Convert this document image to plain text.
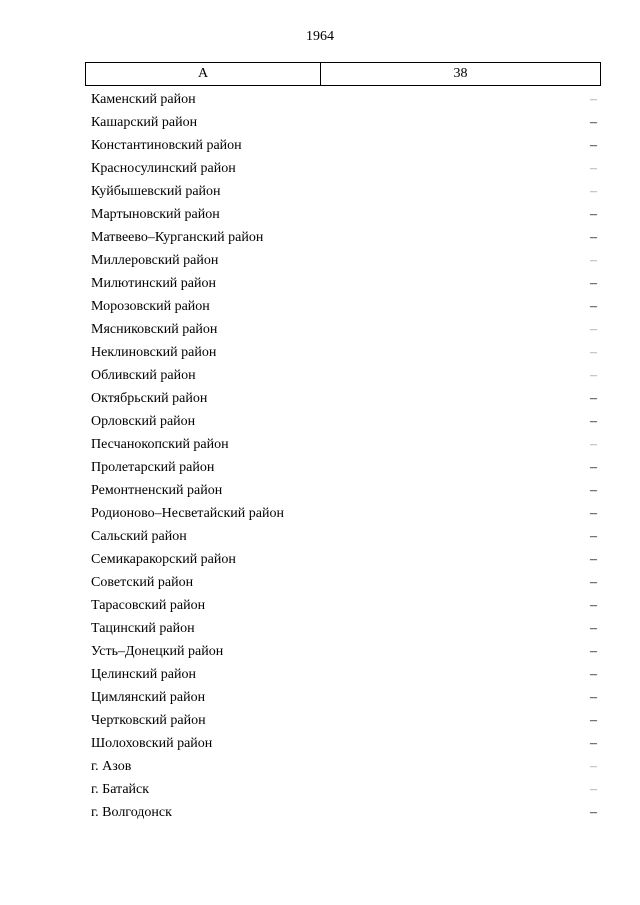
1964
А	38
Каменский район	–
Кашарский район	–
Константиновский район	–
Красносулинский район	–
Куйбышевский район	–
Мартыновский район	–
Матвеево–Курганский район	–
Миллеровский район	–
Милютинский район	–
Морозовский район	–
Мясниковский район	–
Неклиновский район	–
Обливский район	–
Октябрьский район	–
Орловский район	–
Песчанокопский район	–
Пролетарский район	–
Ремонтненский район	–
Родионово–Несветайский район	–
Сальский район	–
Семикаракорский район	–
Советский район	–
Тарасовский район	–
Тацинский район	–
Усть–Донецкий район	–
Целинский район	–
Цимлянский район	–
Чертковский район	–
Шолоховский район	–
г. Азов	–
г. Батайск	–
г. Волгодонск	–
